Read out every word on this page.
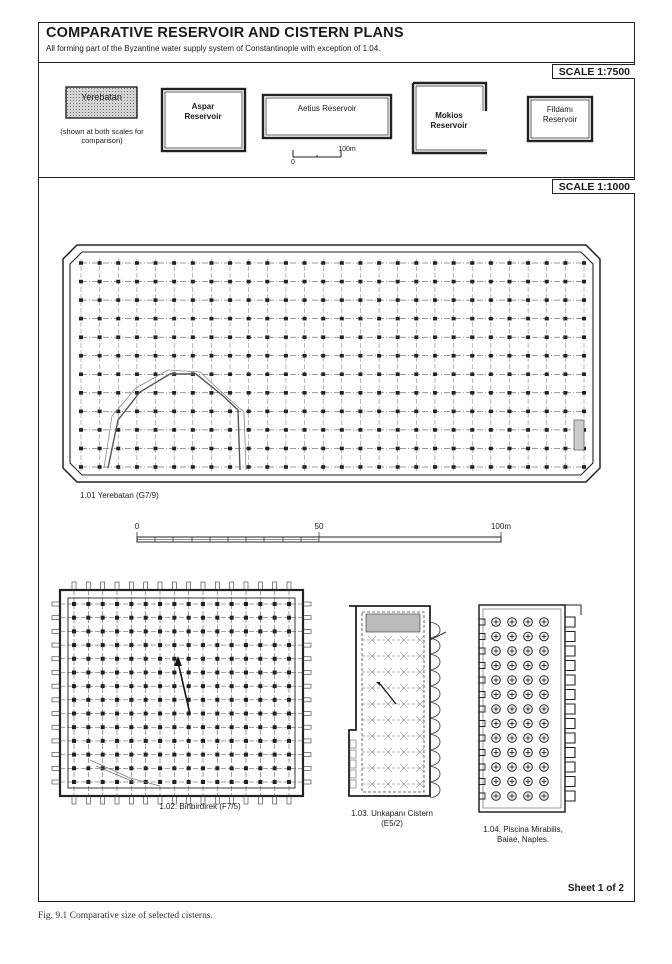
COMPARATIVE RESERVOIR AND CISTERN PLANS
All forming part of the Byzantine water supply system of Constantinople with exception of 1.04.
SCALE 1:7500
SCALE 1:1000
Yerebatan
(shown at both scales for comparison)
Aspar Reservoir
Aetius Reservoir
Mokios Reservoir
Fildamı Reservoir
0
100m
1.01 Yerebatan (G7/9)
0	50	100m
1.02. Binbirdirek (F7/5)
1.03. Unkapanı Cistern (E5/2)
1.04. Piscina Mirabilis, Baiae, Naples.
Sheet 1 of 2
Fig. 9.1 Comparative size of selected cisterns.
